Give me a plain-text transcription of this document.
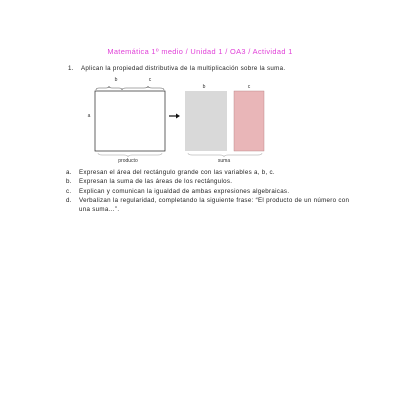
Matemática 1º medio / Unidad 1 / OA3 / Actividad 1
1. Aplican la propiedad distributiva de la multiplicación sobre la suma.
b	c
a
b	c
producto	suma
a.	Expresan el área del rectángulo grande con las variables a, b, c.
b.	Expresan la suma de las áreas de los rectángulos.
c.	Explican y comunican la igualdad de ambas expresiones algebraicas.
d.	Verbalizan la regularidad, completando la siguiente frase: “El producto de un número con una suma…”.
